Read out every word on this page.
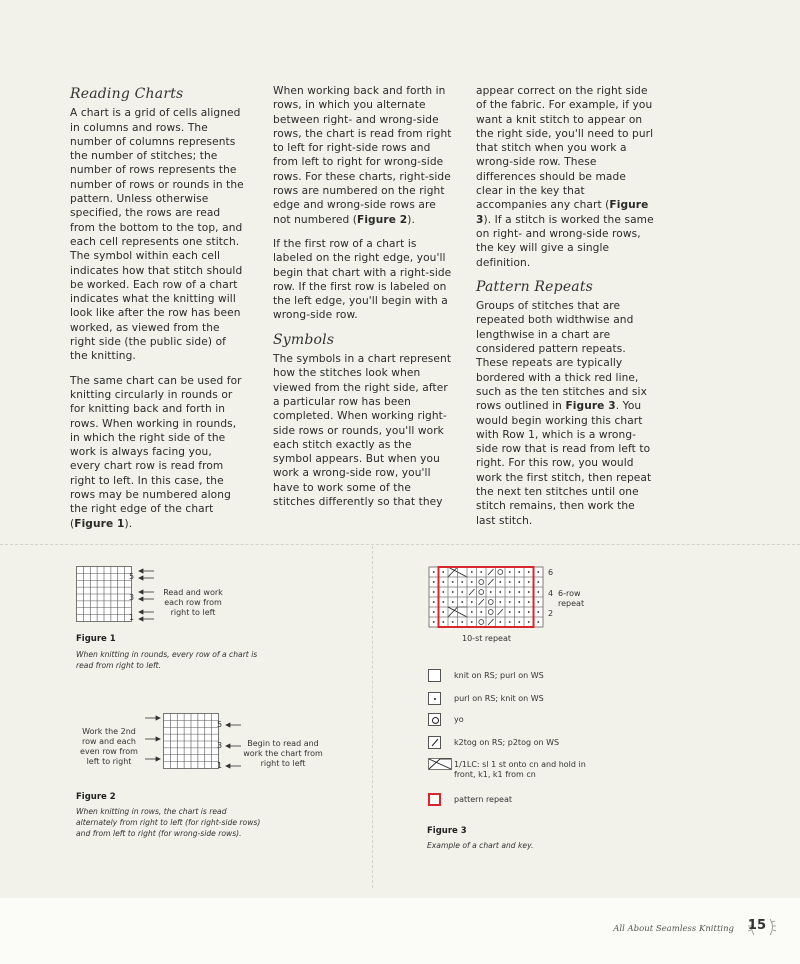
Reading Charts

A chart is a grid of cells aligned in columns and rows. The number of columns represents the number of stitches; the number of rows represents the number of rows or rounds in the pattern. Unless otherwise specified, the rows are read from the bottom to the top, and each cell represents one stitch. The symbol within each cell indicates how that stitch should be worked. Each row of a chart indicates what the knitting will look like after the row has been worked, as viewed from the right side (the public side) of the knitting.

The same chart can be used for knitting circularly in rounds or for knitting back and forth in rows. When working in rounds, in which the right side of the work is always facing you, every chart row is read from right to left. In this case, the rows may be numbered along the right edge of the chart (Figure 1).

When working back and forth in rows, in which you alternate between right- and wrong-side rows, the chart is read from right to left for right-side rows and from left to right for wrong-side rows. For these charts, right-side rows are numbered on the right edge and wrong-side rows are not numbered (Figure 2).

If the first row of a chart is labeled on the right edge, you'll begin that chart with a right-side row. If the first row is labeled on the left edge, you'll begin with a wrong-side row.

Symbols

The symbols in a chart represent how the stitches look when viewed from the right side, after a particular row has been completed. When working right-side rows or rounds, you'll work each stitch exactly as the symbol appears. But when you work a wrong-side row, you'll have to work some of the stitches differently so that they

appear correct on the right side of the fabric. For example, if you want a knit stitch to appear on the right side, you'll need to purl that stitch when you work a wrong-side row. These differences should be made clear in the key that accompanies any chart (Figure 3). If a stitch is worked the same on right- and wrong-side rows, the key will give a single definition.

Pattern Repeats

Groups of stitches that are repeated both widthwise and lengthwise in a chart are considered pattern repeats. These repeats are typically bordered with a thick red line, such as the ten stitches and six rows outlined in Figure 3. You would begin working this chart with Row 1, which is a wrong-side row that is read from left to right. For this row, you would work the first stitch, then repeat the next ten stitches until one stitch remains, then work the last stitch.

5
3
1
Read and work each row from right to left
Figure 1
When knitting in rounds, every row of a chart is read from right to left.
5
3
1
Work the 2nd row and each even row from left to right
Begin to read and work the chart from right to left
Figure 2
When knitting in rows, the chart is read alternately from right to left (for right-side rows) and from left to right (for wrong-side rows).
6
4
2
6-row repeat
10-st repeat
knit on RS; purl on WS
purl on RS; knit on WS
yo
k2tog on RS; p2tog on WS
1/1LC: sl 1 st onto cn and hold in front, k1, k1 from cn
pattern repeat
Figure 3
Example of a chart and key.
All About Seamless Knitting 15
